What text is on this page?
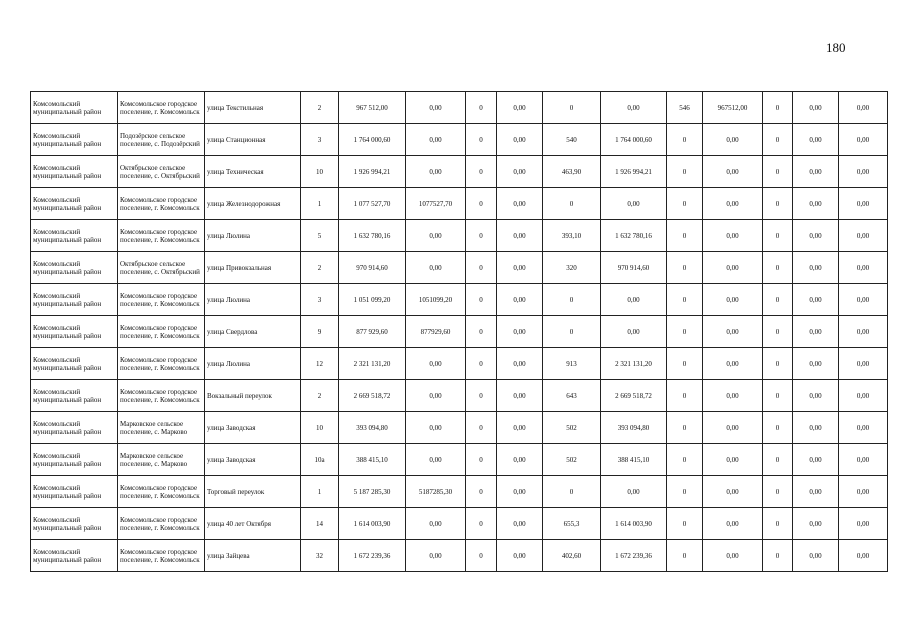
180
Комсомольский муниципальный район	Комсомольское городское поселение, г. Комсомольск	улица Текстильная	2	967 512,00	0,00	0	0,00	0	0,00	546	967512,00	0	0,00	0,00
Комсомольский муниципальный район	Подозёрское сельское поселение, с. Подозёрский	улица Станционная	3	1 764 000,60	0,00	0	0,00	540	1 764 000,60	0	0,00	0	0,00	0,00
Комсомольский муниципальный район	Октябрьское сельское поселение, с. Октябрьский	улица Техническая	10	1 926 994,21	0,00	0	0,00	463,90	1 926 994,21	0	0,00	0	0,00	0,00
Комсомольский муниципальный район	Комсомольское городское поселение, г. Комсомольск	улица Железнодорожная	1	1 077 527,70	1077527,70	0	0,00	0	0,00	0	0,00	0	0,00	0,00
Комсомольский муниципальный район	Комсомольское городское поселение, г. Комсомольск	улица Люлина	5	1 632 780,16	0,00	0	0,00	393,10	1 632 780,16	0	0,00	0	0,00	0,00
Комсомольский муниципальный район	Октябрьское сельское поселение, с. Октябрьский	улица Привокзальная	2	970 914,60	0,00	0	0,00	320	970 914,60	0	0,00	0	0,00	0,00
Комсомольский муниципальный район	Комсомольское городское поселение, г. Комсомольск	улица Люлина	3	1 051 099,20	1051099,20	0	0,00	0	0,00	0	0,00	0	0,00	0,00
Комсомольский муниципальный район	Комсомольское городское поселение, г. Комсомольск	улица Свердлова	9	877 929,60	877929,60	0	0,00	0	0,00	0	0,00	0	0,00	0,00
Комсомольский муниципальный район	Комсомольское городское поселение, г. Комсомольск	улица Люлина	12	2 321 131,20	0,00	0	0,00	913	2 321 131,20	0	0,00	0	0,00	0,00
Комсомольский муниципальный район	Комсомольское городское поселение, г. Комсомольск	Вокзальный переулок	2	2 669 518,72	0,00	0	0,00	643	2 669 518,72	0	0,00	0	0,00	0,00
Комсомольский муниципальный район	Марковское сельское поселение, с. Марково	улица Заводская	10	393 094,80	0,00	0	0,00	502	393 094,80	0	0,00	0	0,00	0,00
Комсомольский муниципальный район	Марковское сельское поселение, с. Марково	улица Заводская	10а	388 415,10	0,00	0	0,00	502	388 415,10	0	0,00	0	0,00	0,00
Комсомольский муниципальный район	Комсомольское городское поселение, г. Комсомольск	Торговый переулок	1	5 187 285,30	5187285,30	0	0,00	0	0,00	0	0,00	0	0,00	0,00
Комсомольский муниципальный район	Комсомольское городское поселение, г. Комсомольск	улица 40 лет Октября	14	1 614 003,90	0,00	0	0,00	655,3	1 614 003,90	0	0,00	0	0,00	0,00
Комсомольский муниципальный район	Комсомольское городское поселение, г. Комсомольск	улица Зайцева	32	1 672 239,36	0,00	0	0,00	402,60	1 672 239,36	0	0,00	0	0,00	0,00
